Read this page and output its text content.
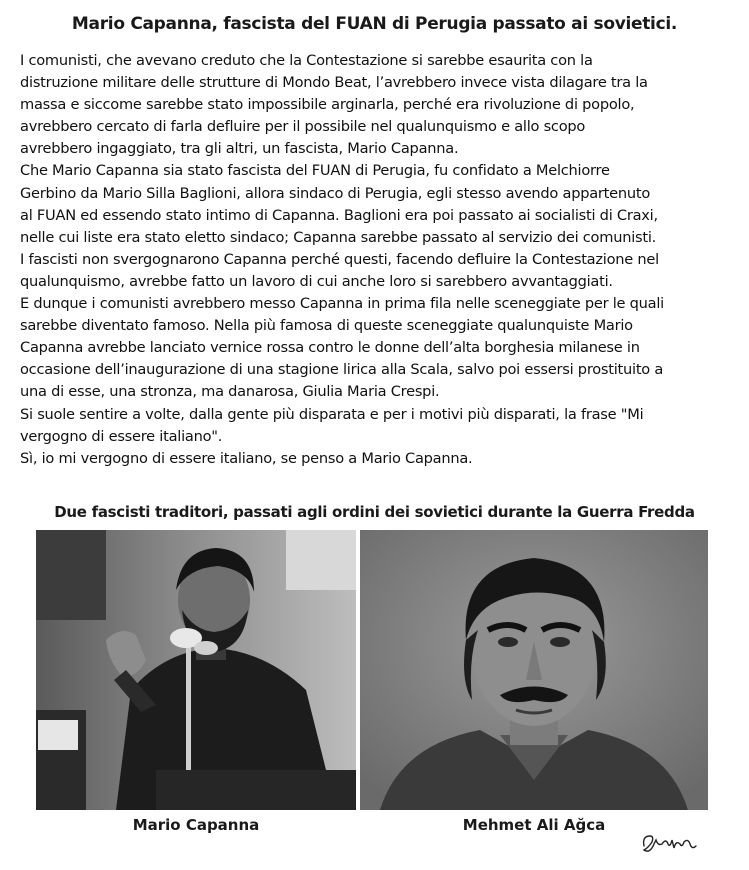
Mario Capanna, fascista del FUAN di Perugia passato ai sovietici.
I comunisti, che avevano creduto che la Contestazione si sarebbe esaurita con la
distruzione militare delle strutture di Mondo Beat, l’avrebbero invece vista dilagare tra la
massa e siccome sarebbe stato impossibile arginarla, perché era rivoluzione di popolo,
avrebbero cercato di farla defluire per il possibile nel qualunquismo e allo scopo
avrebbero ingaggiato, tra gli altri, un fascista, Mario Capanna.
Che Mario Capanna sia stato fascista del FUAN di Perugia, fu confidato a Melchiorre
Gerbino da Mario Silla Baglioni, allora sindaco di Perugia, egli stesso avendo appartenuto
al FUAN ed essendo stato intimo di Capanna. Baglioni era poi passato ai socialisti di Craxi,
nelle cui liste era stato eletto sindaco; Capanna sarebbe passato al servizio dei comunisti.
I fascisti non svergognarono Capanna perché questi, facendo defluire la Contestazione nel
qualunquismo, avrebbe fatto un lavoro di cui anche loro si sarebbero avvantaggiati.
E dunque i comunisti avrebbero messo Capanna in prima fila nelle sceneggiate per le quali
sarebbe diventato famoso. Nella più famosa di queste sceneggiate qualunquiste Mario
Capanna avrebbe lanciato vernice rossa contro le donne dell’alta borghesia milanese in
occasione dell’inaugurazione di una stagione lirica alla Scala, salvo poi essersi prostituito a
una di esse, una stronza, ma danarosa, Giulia Maria Crespi.
Si suole sentire a volte, dalla gente più disparata e per i motivi più disparati, la frase "Mi
vergogno di essere italiano".
Sì, io mi vergogno di essere italiano, se penso a Mario Capanna.
Due fascisti traditori, passati agli ordini dei sovietici durante la Guerra Fredda
Mario Capanna	Mehmet Ali Ağca
